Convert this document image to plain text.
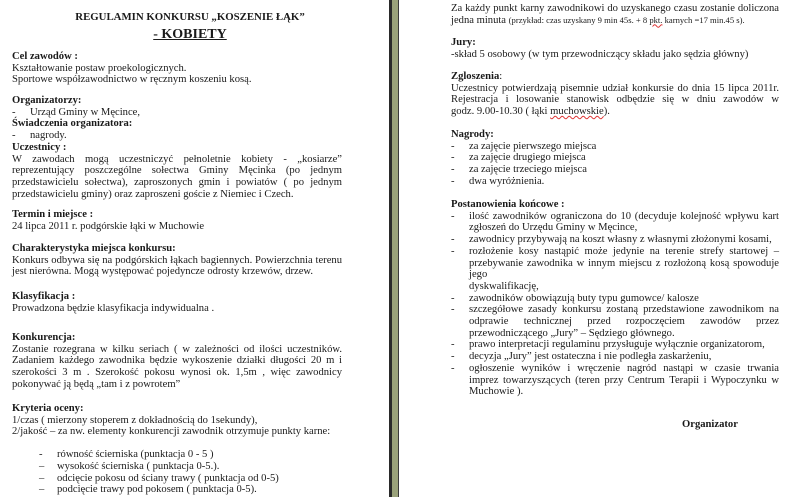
REGULAMIN KONKURSU „KOSZENIE ŁĄK”
- KOBIETY
Cel zawodów :
Kształtowanie postaw proekologicznych.
Sportowe współzawodnictwo w ręcznym koszeniu kosą.
Organizatorzy:
- Urząd Gminy w Męcince,
Świadczenia organizatora:
- nagrody.
Uczestnicy :
W zawodach mogą uczestniczyć pełnoletnie kobiety - „kosiarze”
reprezentujący poszczególne sołectwa Gminy Męcinka (po jednym
przedstawicielu sołectwa), zaproszonych gmin i powiatów ( po jednym
przedstawicielu gminy) oraz zaproszeni goście z Niemiec i Czech.
Termin i miejsce :
24 lipca 2011 r. podgórskie łąki w Muchowie
Charakterystyka miejsca konkursu:
Konkurs odbywa się na podgórskich łąkach bagiennych. Powierzchnia terenu
jest nierówna. Mogą występować pojedyncze odrosty krzewów, drzew.
Klasyfikacja :
Prowadzona będzie klasyfikacja indywidualna .
Konkurencja:
Zostanie rozegrana w kilku seriach ( w zależności od ilości uczestników.
Zadaniem każdego zawodnika będzie wykoszenie działki długości 20 m i
szerokości 3 m . Szerokość pokosu wynosi ok. 1,5m , więc zawodnicy
pokonywać ją będą „tam i z powrotem”
Kryteria oceny:
1/czas ( mierzony stoperem z dokładnością do 1sekundy),
2/jakość – za nw. elementy konkurencji zawodnik otrzymuje punkty karne:
- równość ścierniska (punktacja 0 - 5 )
– wysokość ścierniska ( punktacja 0-5.).
– odcięcie pokosu od ściany trawy ( punktacja od 0-5)
– podcięcie trawy pod pokosem ( punktacja 0-5).
Za każdy punkt karny zawodnikowi do uzyskanego czasu zostanie doliczona
jedna minuta (przykład: czas uzyskany 9 min 45s. + 8 pkt. karnych =17 min.45 s).
Jury:
-skład 5 osobowy (w tym przewodniczący składu jako sędzia główny)
Zgloszenia:
Uczestnicy potwierdzają pisemnie udział konkursie do dnia 15 lipca 2011r.
Rejestracja i losowanie stanowisk odbędzie się w dniu zawodów w
godz. 9.00-10.30 ( łąki muchowskie).
Nagrody:
- za zajęcie pierwszego miejsca
- za zajęcie drugiego miejsca
- za zajęcie trzeciego miejsca
- dwa wyróżnienia.
Postanowienia końcowe :
- ilość zawodników ograniczona do 10 (decyduje kolejność wpływu kart
zgłoszeń do Urzędu Gminy w Męcince,
- zawodnicy przybywają na koszt własny z własnymi złożonymi kosami,
- rozłożenie kosy nastąpić może jedynie na terenie strefy startowej –
przebywanie zawodnika w innym miejscu z rozłożoną kosą spowoduje jego
dyskwalifikację,
- zawodników obowiązują buty typu gumowce/ kalosze
- szczegółowe zasady konkursu zostaną przedstawione zawodnikom na
odprawie technicznej przed rozpoczęciem zawodów przez
przewodniczącego „Jury” – Sędziego głównego.
- prawo interpretacji regulaminu przysługuje wyłącznie organizatorom,
- decyzja „Jury” jest ostateczna i nie podległa zaskarżeniu,
- ogłoszenie wyników i wręczenie nagród nastąpi w czasie trwania
imprez towarzyszących (teren przy Centrum Terapii i Wypoczynku w
Muchowie ).
Organizator
